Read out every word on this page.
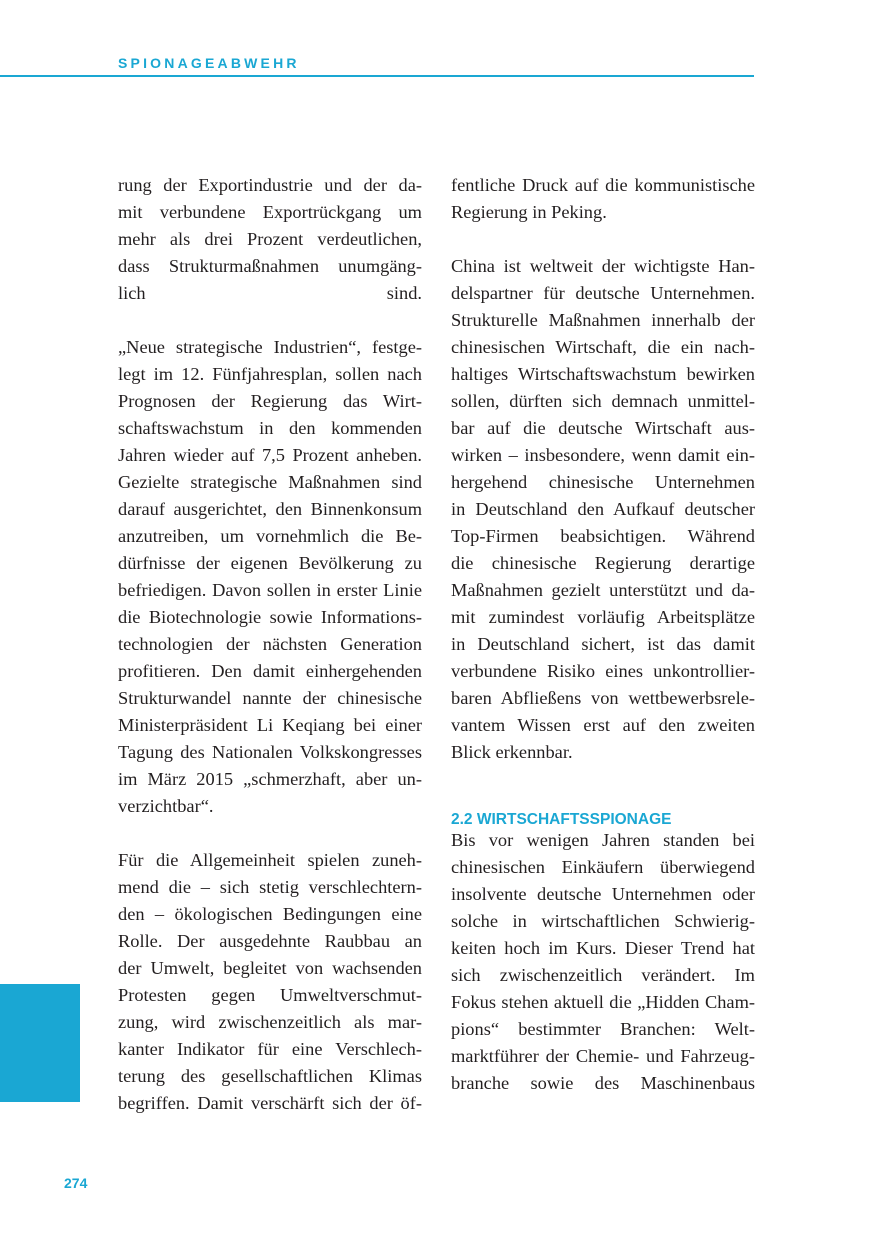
SPIONAGEABWEHR

rung der Exportindustrie und der da-
mit verbundene Exportrückgang um
mehr als drei Prozent verdeutlichen,
dass Strukturmaßnahmen unumgäng-
lich sind.

„Neue strategische Industrien“, festge-
legt im 12. Fünfjahresplan, sollen nach
Prognosen der Regierung das Wirt-
schaftswachstum in den kommenden
Jahren wieder auf 7,5 Prozent anheben.
Gezielte strategische Maßnahmen sind
darauf ausgerichtet, den Binnenkonsum
anzutreiben, um vornehmlich die Be-
dürfnisse der eigenen Bevölkerung zu
befriedigen. Davon sollen in erster Linie
die Biotechnologie sowie Informations-
technologien der nächsten Generation
profitieren. Den damit einhergehenden
Strukturwandel nannte der chinesische
Ministerpräsident Li Keqiang bei einer
Tagung des Nationalen Volkskongresses
im März 2015 „schmerzhaft, aber un-
verzichtbar“.

Für die Allgemeinheit spielen zuneh-
mend die – sich stetig verschlechtern-
den – ökologischen Bedingungen eine
Rolle. Der ausgedehnte Raubbau an
der Umwelt, begleitet von wachsenden
Protesten gegen Umweltverschmut-
zung, wird zwischenzeitlich als mar-
kanter Indikator für eine Verschlech-
terung des gesellschaftlichen Klimas
begriffen. Damit verschärft sich der öf-

fentliche Druck auf die kommunistische
Regierung in Peking.

China ist weltweit der wichtigste Han-
delspartner für deutsche Unternehmen.
Strukturelle Maßnahmen innerhalb der
chinesischen Wirtschaft, die ein nach-
haltiges Wirtschaftswachstum bewirken
sollen, dürften sich demnach unmittel-
bar auf die deutsche Wirtschaft aus-
wirken – insbesondere, wenn damit ein-
hergehend chinesische Unternehmen
in Deutschland den Aufkauf deutscher
Top-Firmen beabsichtigen. Während
die chinesische Regierung derartige
Maßnahmen gezielt unterstützt und da-
mit zumindest vorläufig Arbeitsplätze
in Deutschland sichert, ist das damit
verbundene Risiko eines unkontrollier-
baren Abfließens von wettbewerbsrele-
vantem Wissen erst auf den zweiten
Blick erkennbar.

2.2 WIRTSCHAFTSSPIONAGE

Bis vor wenigen Jahren standen bei
chinesischen Einkäufern überwiegend
insolvente deutsche Unternehmen oder
solche in wirtschaftlichen Schwierig-
keiten hoch im Kurs. Dieser Trend hat
sich zwischenzeitlich verändert. Im
Fokus stehen aktuell die „Hidden Cham-
pions“ bestimmter Branchen: Welt-
marktführer der Chemie- und Fahrzeug-
branche sowie des Maschinenbaus

274
